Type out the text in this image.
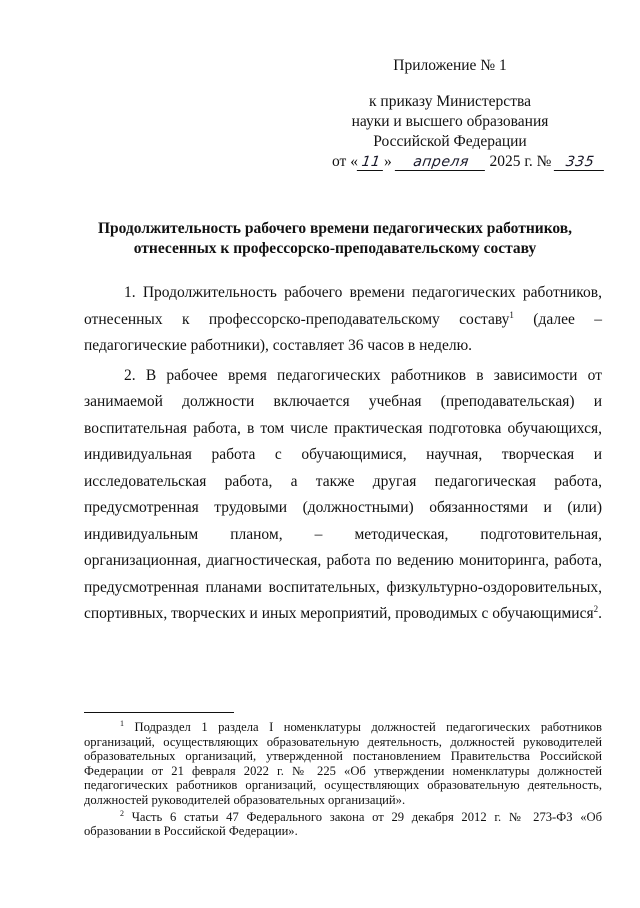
Приложение № 1
к приказу Министерства
науки и высшего образования
Российской Федерации
от « 11 » апреля 2025 г. № 335
Продолжительность рабочего времени педагогических работников,
отнесенных к профессорско-преподавательскому составу

1. Продолжительность рабочего времени педагогических работников, отнесенных к профессорско-преподавательскому составу$^1$ (далее – педагогические работники), составляет 36 часов в неделю.

2. В рабочее время педагогических работников в зависимости от занимаемой должности включается учебная (преподавательская) и воспитательная работа, в том числе практическая подготовка обучающихся, индивидуальная работа с обучающимися, научная, творческая и исследовательская работа, а также другая педагогическая работа, предусмотренная трудовыми (должностными) обязанностями и (или) индивидуальным планом, – методическая, подготовительная, организационная, диагностическая, работа по ведению мониторинга, работа, предусмотренная планами воспитательных, физкультурно-оздоровительных, спортивных, творческих и иных мероприятий, проводимых с обучающимися$^2$.

$^1$ Подраздел 1 раздела I номенклатуры должностей педагогических работников организаций, осуществляющих образовательную деятельность, должностей руководителей образовательных организаций, утвержденной постановлением Правительства Российской Федерации от 21 февраля 2022 г. № 225 «Об утверждении номенклатуры должностей педагогических работников организаций, осуществляющих образовательную деятельность, должностей руководителей образовательных организаций».

$^2$ Часть 6 статьи 47 Федерального закона от 29 декабря 2012 г. № 273-ФЗ «Об образовании в Российской Федерации».
